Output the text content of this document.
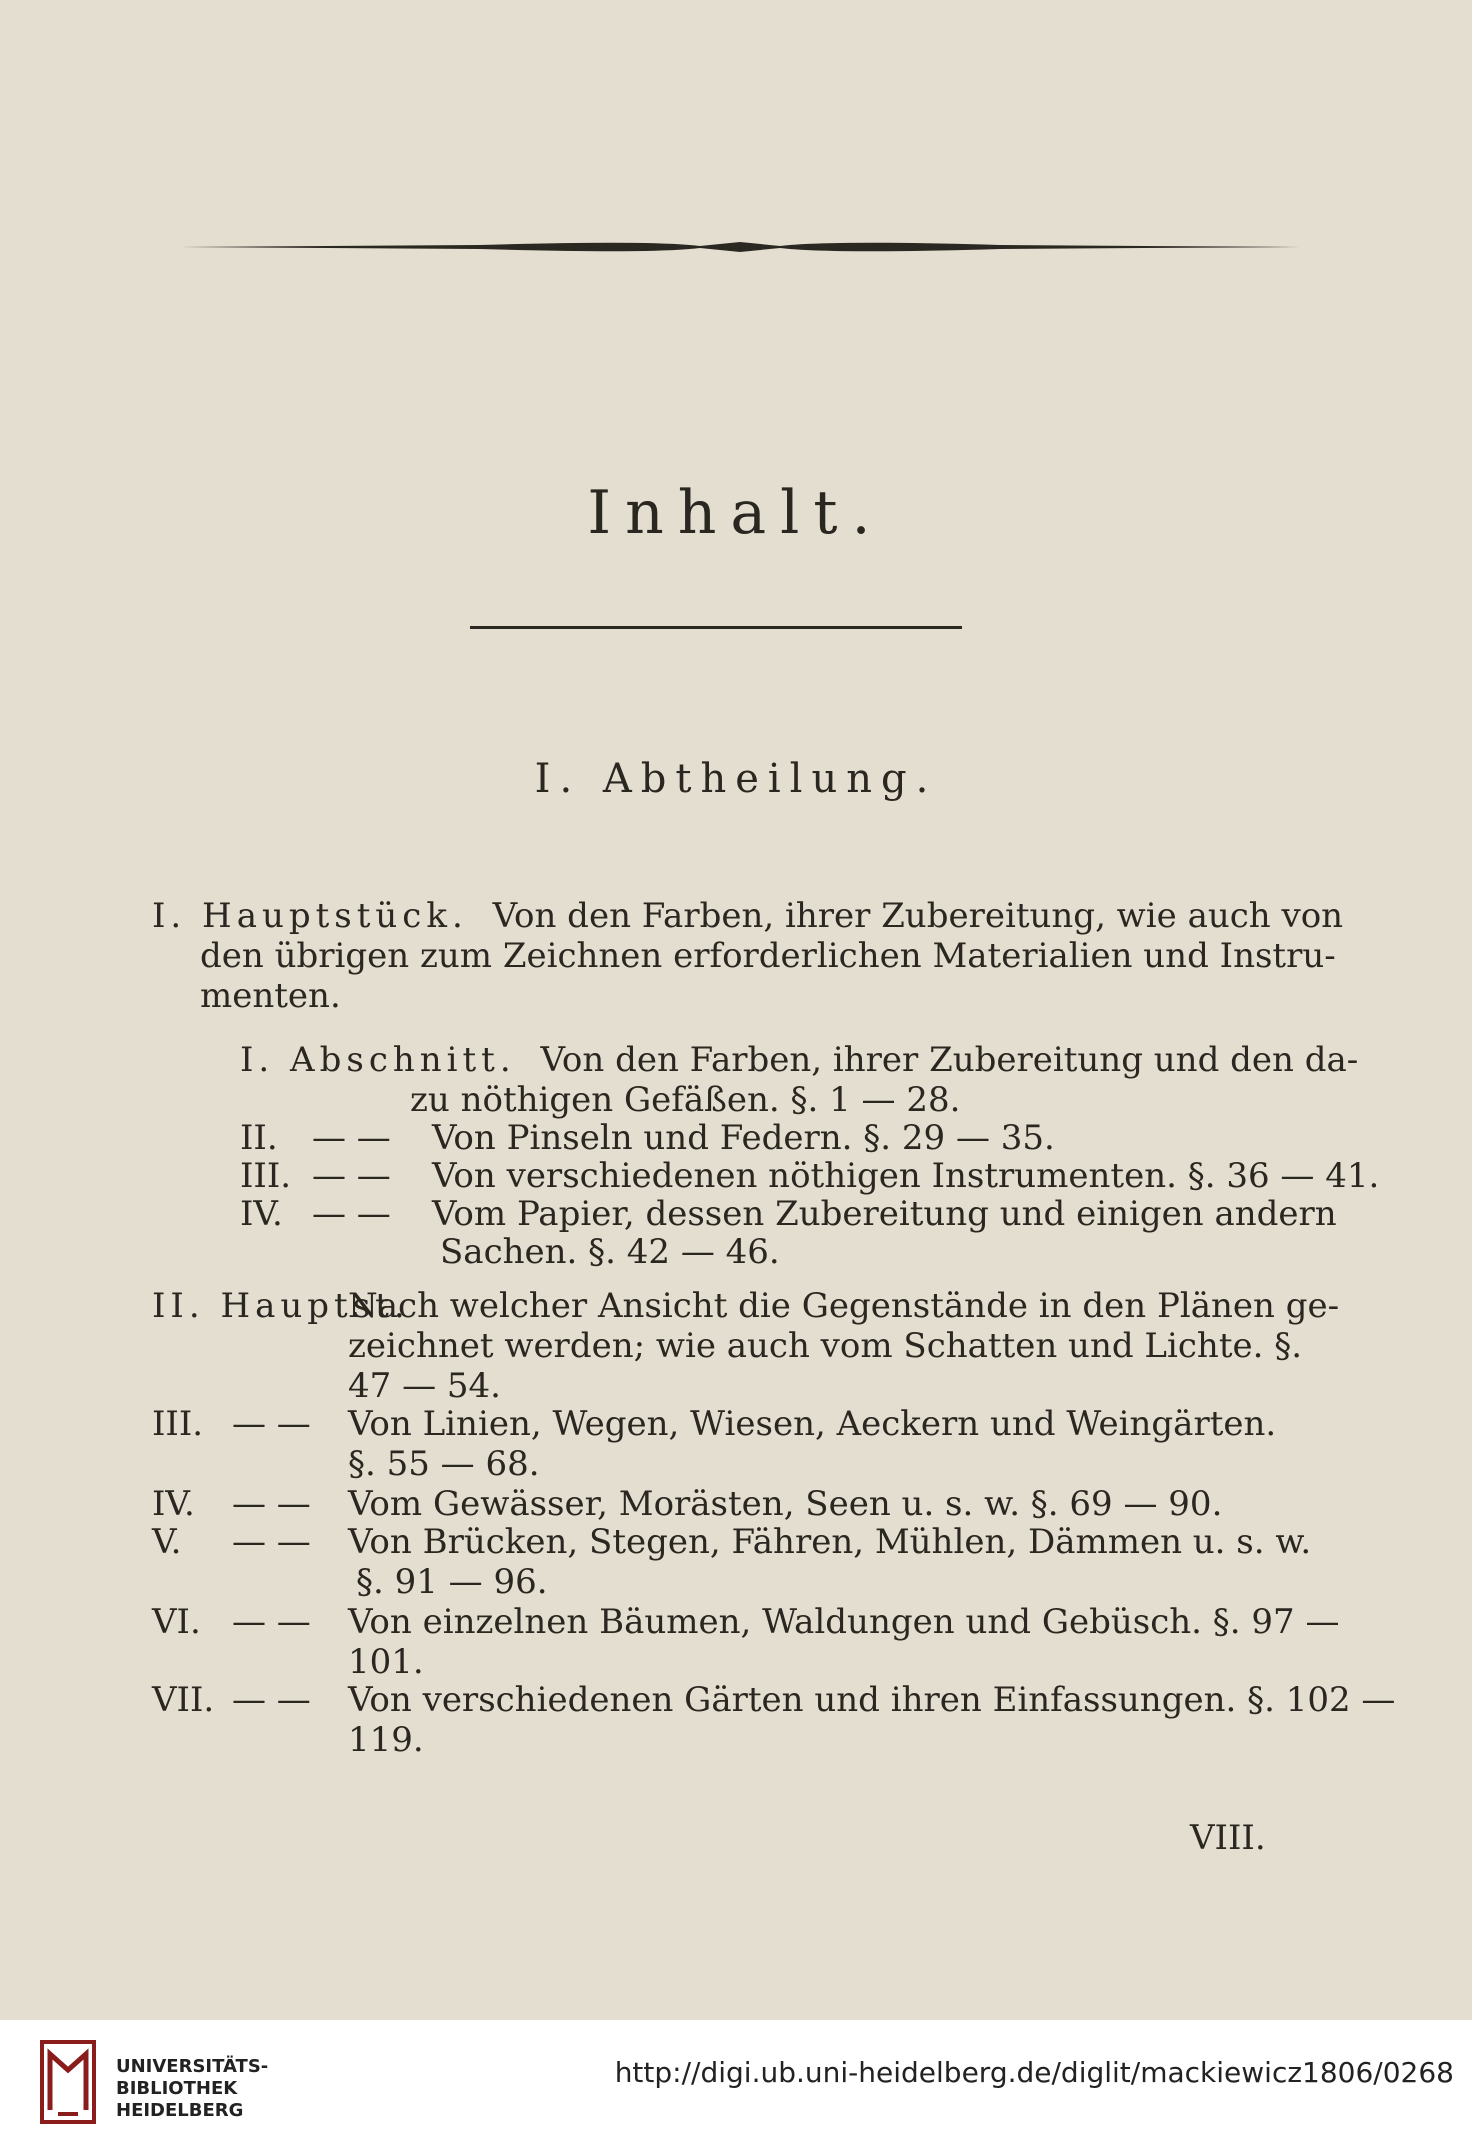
Inhalt.
I. Abtheilung.
I. Hauptstück. Von den Farben, ihrer Zubereitung, wie auch von
den übrigen zum Zeichnen erforderlichen Materialien und Instru-
menten.
I. Abschnitt. Von den Farben, ihrer Zubereitung und den da-
zu nöthigen Gefäßen. §. 1 — 28.
II. — — Von Pinseln und Federn. §. 29 — 35.
III. — — Von verschiedenen nöthigen Instrumenten. §. 36 — 41.
IV. — — Vom Papier, dessen Zubereitung und einigen andern
Sachen. §. 42 — 46.
II. Hauptst.Nach welcher Ansicht die Gegenstände in den Plänen ge-
zeichnet werden; wie auch vom Schatten und Lichte. §.
47 — 54.
III. — — Von Linien, Wegen, Wiesen, Aeckern und Weingärten.
§. 55 — 68.
IV. — — Vom Gewässer, Morästen, Seen u. s. w. §. 69 — 90.
V. — — Von Brücken, Stegen, Fähren, Mühlen, Dämmen u. s. w.
§. 91 — 96.
VI. — — Von einzelnen Bäumen, Waldungen und Gebüsch. §. 97 —
101.
VII. — — Von verschiedenen Gärten und ihren Einfassungen. §. 102 —
119.
VIII.
UNIVERSITÄTS-
BIBLIOTHEK
HEIDELBERG
http://digi.ub.uni-heidelberg.de/diglit/mackiewicz1806/0268
